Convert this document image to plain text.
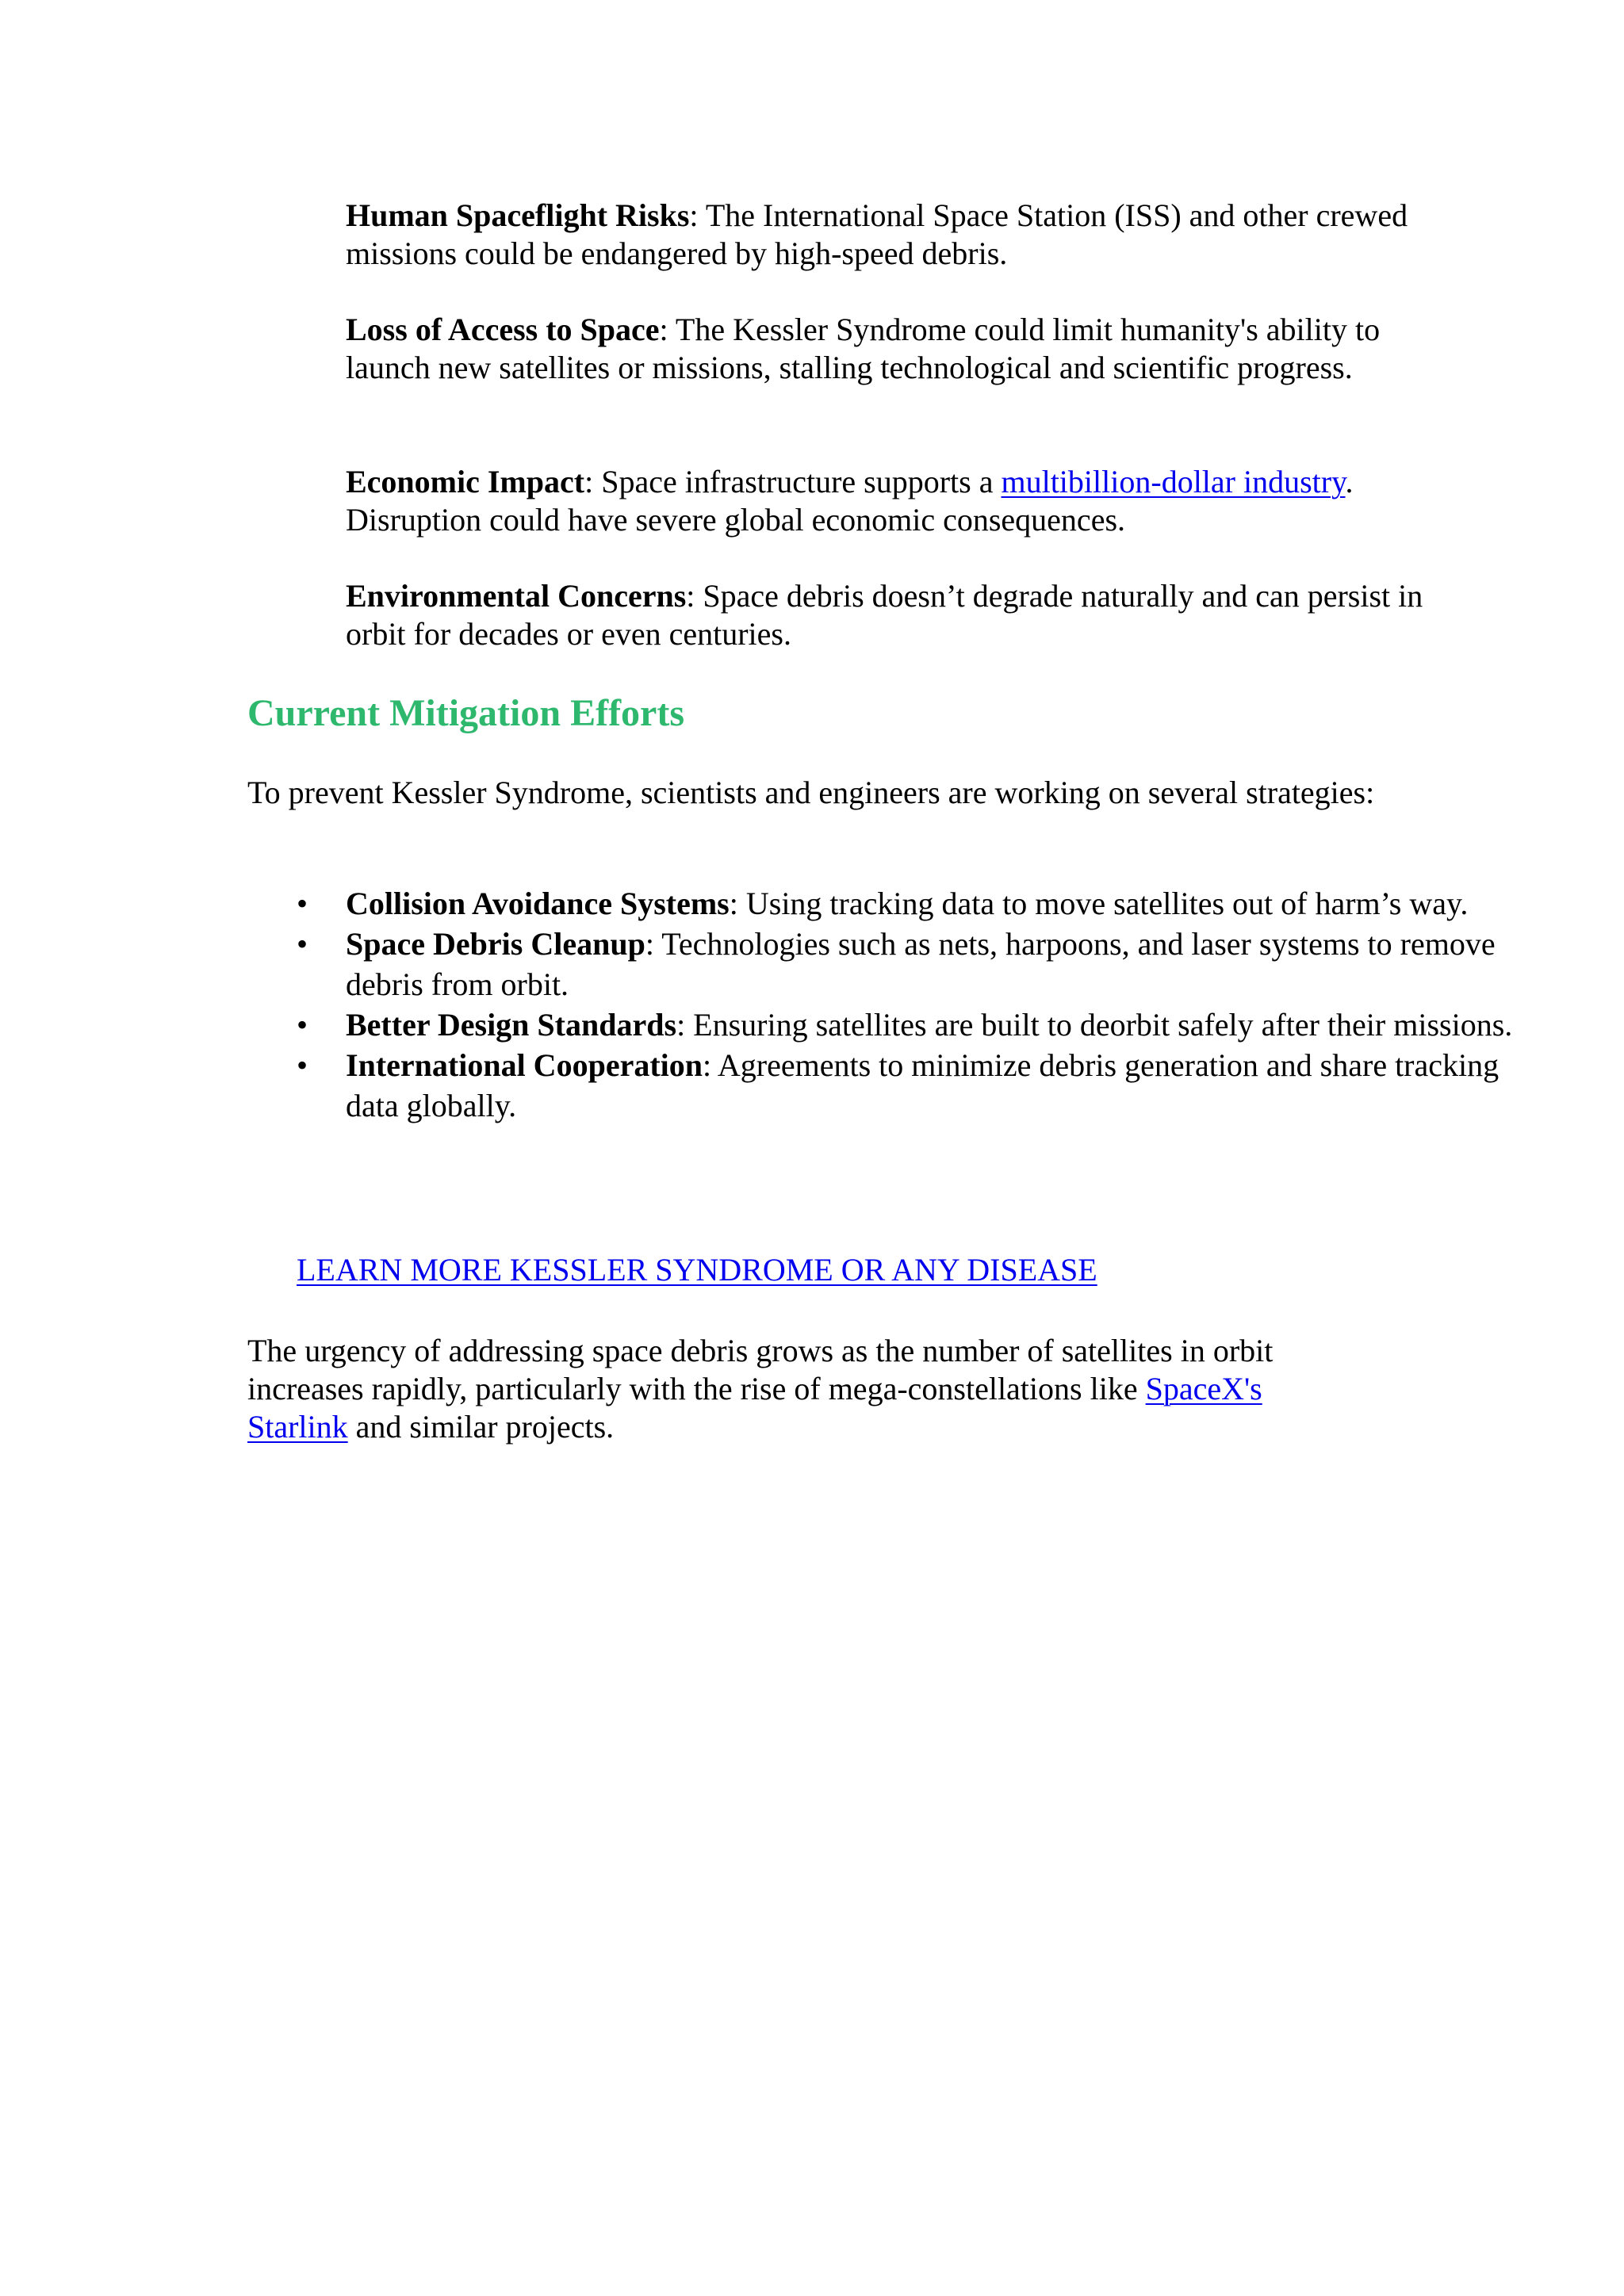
Human Spaceflight Risks: The International Space Station (ISS) and other crewed missions could be endangered by high-speed debris.

Loss of Access to Space: The Kessler Syndrome could limit humanity's ability to launch new satellites or missions, stalling technological and scientific progress.

Economic Impact: Space infrastructure supports a multibillion-dollar industry. Disruption could have severe global economic consequences.

Environmental Concerns: Space debris doesn’t degrade naturally and can persist in orbit for decades or even centuries.

Current Mitigation Efforts

To prevent Kessler Syndrome, scientists and engineers are working on several strategies:

• Collision Avoidance Systems: Using tracking data to move satellites out of harm’s way.
• Space Debris Cleanup: Technologies such as nets, harpoons, and laser systems to remove debris from orbit.
• Better Design Standards: Ensuring satellites are built to deorbit safely after their missions.
• International Cooperation: Agreements to minimize debris generation and share tracking data globally.
LEARN MORE KESSLER SYNDROME OR ANY DISEASE

The urgency of addressing space debris grows as the number of satellites in orbit increases rapidly, particularly with the rise of mega-constellations like SpaceX's Starlink and similar projects.
